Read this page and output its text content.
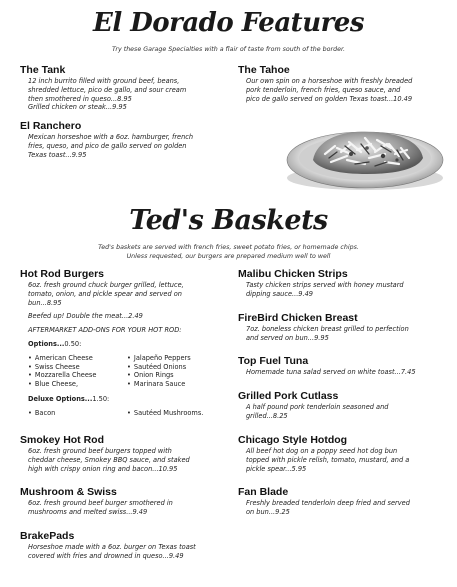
El Dorado Features

Try these Garage Specialties with a flair of taste from south of the border.

The Tank
12 inch burrito filled with ground beef, beans,
shredded lettuce, pico de gallo, and sour cream
then smothered in queso...8.95
Grilled chicken or steak...9.95
The Tahoe
Our own spin on a horseshoe with freshly breaded
pork tenderloin, french fries, queso sauce, and
pico de gallo served on golden Texas toast...10.49
El Ranchero
Mexican horseshoe with a 6oz. hamburger, french
fries, queso, and pico de gallo served on golden
Texas toast...9.95
Ted's Baskets

Ted's baskets are served with french fries, sweet potato fries, or homemade chips.

Unless requested, our burgers are prepared medium well to well

Hot Rod Burgers
6oz. fresh ground chuck burger grilled, lettuce,
tomato, onion, and pickle spear and served on
bun...8.95
Beefed up! Double the meat...2.49
AFTERMARKET ADD-ONS FOR YOUR HOT ROD:
Options...0.50:
• American Cheese
• Swiss Cheese
• Mozzarella Cheese
• Blue Cheese,
• Jalapeño Peppers
• Sautéed Onions
• Onion Rings
• Marinara Sauce
Deluxe Options...1.50:
• Bacon
•	Sautéed Mushrooms.
Smokey Hot Rod
6oz. fresh ground beef burgers topped with
cheddar cheese, Smokey BBQ sauce, and staked
high with crispy onion ring and bacon...10.95
Mushroom & Swiss
6oz. fresh ground beef burger smothered in
mushrooms and melted swiss...9.49
BrakePads
Horseshoe made with a 6oz. burger on Texas toast
covered with fries and drowned in queso...9.49
Malibu Chicken Strips
Tasty chicken strips served with honey mustard
dipping sauce...9.49
FireBird Chicken Breast
7oz. boneless chicken breast grilled to perfection
and served on bun...9.95
Top Fuel Tuna
Homemade tuna salad served on white toast...7.45
Grilled Pork Cutlass
A half pound pork tenderloin seasoned and
grilled...8.25
Chicago Style Hotdog
All beef hot dog on a poppy seed hot dog bun
topped with pickle relish, tomato, mustard, and a
pickle spear...5.95
Fan Blade
Freshly breaded tenderloin deep fried and served
on bun...9.25
